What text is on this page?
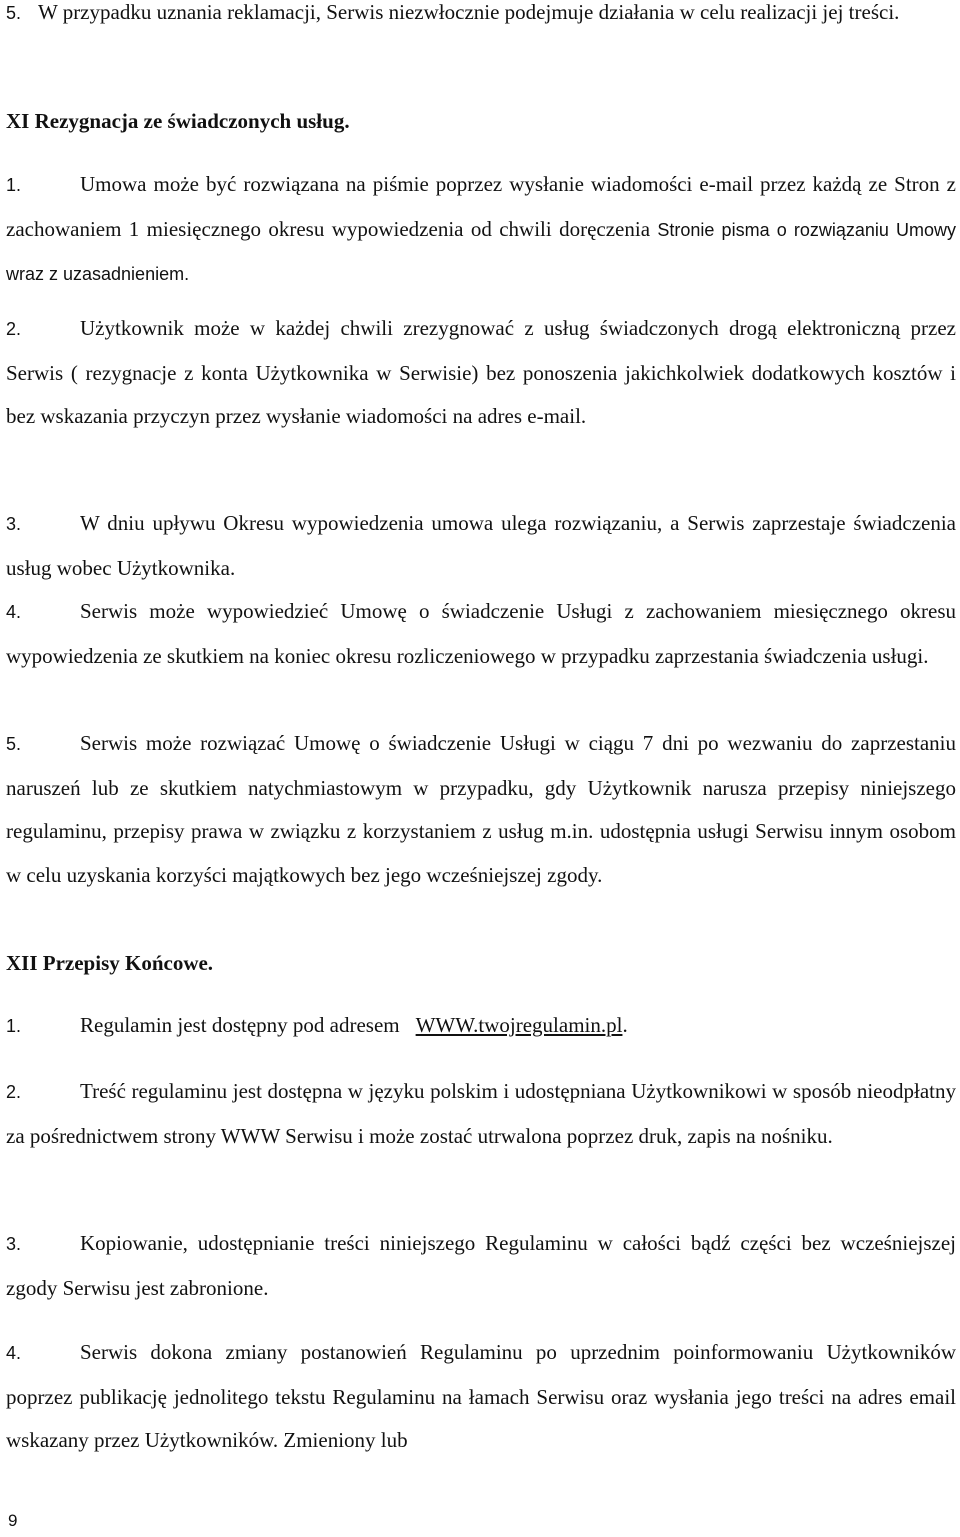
5. W przypadku uznania reklamacji, Serwis niezwłocznie podejmuje działania w celu realizacji jej treści.
XI Rezygnacja ze świadczonych usług.
1.	Umowa może być rozwiązana na piśmie poprzez wysłanie wiadomości e-mail przez każdą ze Stron z zachowaniem 1 miesięcznego okresu wypowiedzenia od chwili doręczenia Stronie pisma o rozwiązaniu Umowy wraz z uzasadnieniem.
2.	Użytkownik może w każdej chwili zrezygnować z usług świadczonych drogą elektroniczną przez Serwis ( rezygnacje z konta Użytkownika w Serwisie) bez ponoszenia jakichkolwiek dodatkowych kosztów i bez wskazania przyczyn przez wysłanie wiadomości na adres e-mail.
3.	W dniu upływu Okresu wypowiedzenia umowa ulega rozwiązaniu, a Serwis zaprzestaje świadczenia usług wobec Użytkownika.
4.	Serwis może wypowiedzieć Umowę o świadczenie Usługi z zachowaniem miesięcznego okresu wypowiedzenia ze skutkiem na koniec okresu rozliczeniowego w przypadku zaprzestania świadczenia usługi.
5.	Serwis może rozwiązać Umowę o świadczenie Usługi w ciągu 7 dni po wezwaniu do zaprzestaniu naruszeń lub ze skutkiem natychmiastowym w przypadku, gdy Użytkownik narusza przepisy niniejszego regulaminu, przepisy prawa w związku z korzystaniem z usług m.in. udostępnia usługi Serwisu innym osobom w celu uzyskania korzyści majątkowych bez jego wcześniejszej zgody.
XII Przepisy Końcowe.
1.	Regulamin jest dostępny pod adresem WWW.twojregulamin.pl.
2.	Treść regulaminu jest dostępna w języku polskim i udostępniana Użytkownikowi w sposób nieodpłatny za pośrednictwem strony WWW Serwisu i może zostać utrwalona poprzez druk, zapis na nośniku.
3.	Kopiowanie, udostępnianie treści niniejszego Regulaminu w całości bądź części bez wcześniejszej zgody Serwisu jest zabronione.
4.	Serwis dokona zmiany postanowień Regulaminu po uprzednim poinformowaniu Użytkowników poprzez publikację jednolitego tekstu Regulaminu na łamach Serwisu oraz wysłania jego treści na adres email wskazany przez Użytkowników. Zmieniony lub
9
